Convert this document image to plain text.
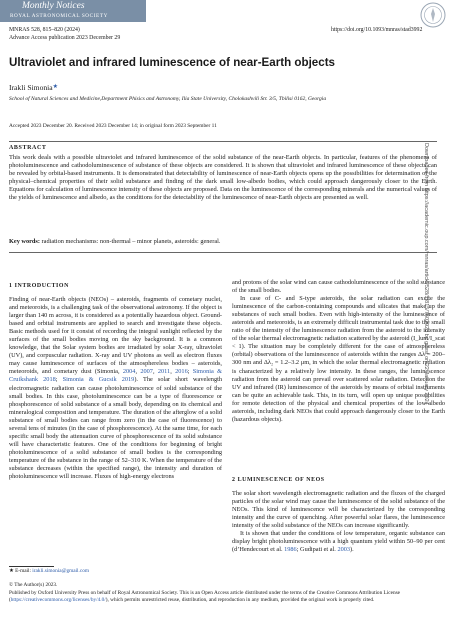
Monthly Notices
ROYAL ASTRONOMICAL SOCIETY
MNRAS 528, 815–820 (2024)
Advance Access publication 2023 December 29
https://doi.org/10.1093/mnras/stad3992
Ultraviolet and infrared luminescence of near-Earth objects
Irakli Simonia★
School of Natural Sciences and Medicine,Department Phisics and Astronomy, Ilia State University, Cholokashvili Str. 3/5, Tbilisi 0162, Georgia
Accepted 2023 December 20. Received 2023 December 14; in original form 2023 September 11
ABSTRACT
This work deals with a possible ultraviolet and infrared luminescence of the solid substance of the near-Earth objects. In particular, features of the phenomena of photoluminescence and cathodoluminescence of substance of these objects are considered. It is shown that ultraviolet and infrared luminescence of these objects can be revealed by orbital-based instruments. It is demonstrated that detectability of luminescence of near-Earth objects opens up the possibilities for determination of the physical–chemical properties of their solid substance and finding of the dark small low-albedo bodies, which could approach dangerously closer to the Earth. Equations for calculation of luminescence intensity of these objects are proposed. Data on the luminescence of the corresponding minerals and the numerical values of the yields of luminescence and albedo, as the conditions for the detectability of the luminescence of near-Earth objects are presented as well.
Key words: radiation mechanisms: non-thermal – minor planets, asteroids: general.
1 INTRODUCTION

Finding of near-Earth objects (NEOs) – asteroids, fragments of cometary nuclei, and meteoroids, is a challenging task of the observational astronomy. If the object is larger than 140 m across, it is considered as a potentially hazardous object. Ground-based and orbital instruments are applied to search and investigate these objects. Basic methods used for it consist of recording the integral sunlight reflected by the surfaces of the small bodies moving on the sky background. It is a common knowledge, that the Solar system bodies are irradiated by solar X-ray, ultraviolet (UV), and corpuscular radiation. X-ray and UV photons as well as electron fluxes may cause luminescence of surfaces of the atmosphereless bodies – asteroids, meteoroids, and cometary dust (Simonia, 2004, 2007, 2011, 2016; Simonia & Cruikshank 2018; Simonia & Gucsik 2019). The solar short wavelength electromagnetic radiation can cause photoluminescence of solid substance of the small bodies. In this case, photoluminescence can be a type of fluorescence or phosphorescence of solid substance of a small body, depending on its chemical and mineralogical composition and temperature. The duration of the afterglow of a solid substance of small bodies can range from zero (in the case of fluorescence) to several tens of minutes (in the case of phosphorescence). At the same time, for each specific small body the attenuation curve of phosphorescence of its solid substance will have characteristic features. One of the conditions for beginning of bright photoluminescence of a solid substance of small bodies is the corresponding temperature of the substance in the range of 52–310 K. When the temperature of the substance decreases (within the specified range), the intensity and duration of photoluminescence will increase. Fluxes of high-energy electrons

and protons of the solar wind can cause cathodoluminescence of the solid substance of the small bodies.

In case of C- and S-type asteroids, the solar radiation can excite the luminescence of the carbon-containing compounds and silicates that make up the substances of such small bodies. Even with high-intensity of the luminescence of asteroids and meteoroids, is an extremely difficult instrumental task due to the small ratio of the intensity of the luminescence radiation from the asteroid to the intensity of the solar thermal electromagnetic radiation scattered by the asteroid (I_lum/I_scat < 1). The situation may be completely different for the case of atmosphereless (orbital) observations of the luminescence of asteroids within the ranges Δλ = 200–300 nm and Δλ₂ = 1.2–3.2 μm, in which the solar thermal electromagnetic radiation is characterized by a relatively low intensity. In these ranges, the luminescence radiation from the asteroid can prevail over scattered solar radiation. Detection the UV and infrared (IR) luminescence of the asteroids by means of orbital instruments can be quite an achievable task. This, in its turn, will open up unique possibilities for remote detection of the physical and chemical properties of the low-albedo asteroids, including dark NEOs that could approach dangerously closer to the Earth (hazardous objects).

2 LUMINESCENCE OF NEOS

The solar short wavelength electromagnetic radiation and the fluxes of the charged particles of the solar wind may cause the luminescence of the solid substance of the NEOs. This kind of luminescence will be characterized by the corresponding intensity and the curve of quenching. After powerful solar flares, the luminescence intensity of the solid substance of the NEOs can increase significantly.

It is shown that under the conditions of low temperature, organic substance can display bright photoluminescence with a high quantum yield within 50–90 per cent (d’Hendecourt et al. 1986; Gudipati et al. 2003).

★ E-mail: irakli.simonia@gmail.com
© The Author(s) 2023.
Published by Oxford University Press on behalf of Royal Astronomical Society. This is an Open Access article distributed under the terms of the Creative Commons Attribution License (https://creativecommons.org/licenses/by/4.0/), which permits unrestricted reuse, distribution, and reproduction in any medium, provided the original work is properly cited.
Downloaded from https://academic.oup.com/mnras/article/528/1/815/7502923 by guest on 22 January 2024
